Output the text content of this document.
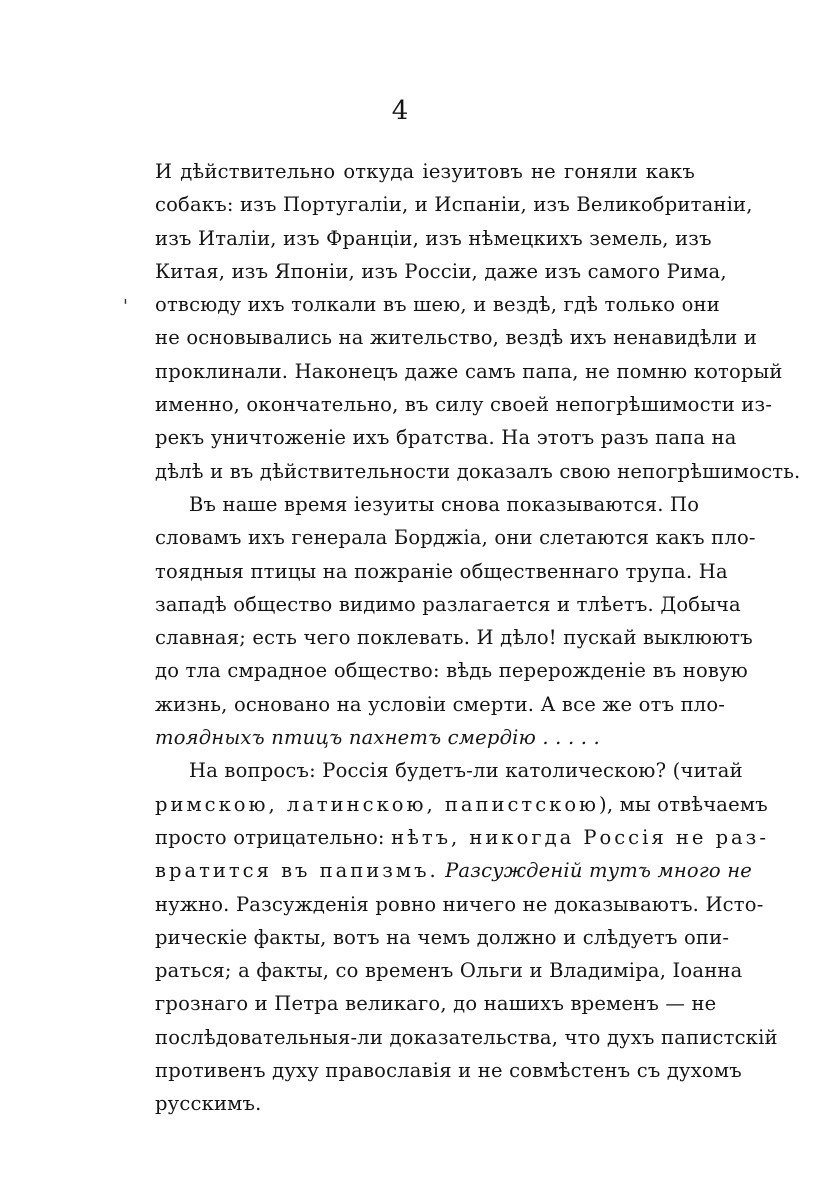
4
'
И дѣйствительно откуда іезуитовъ не гоняли какъ
собакъ: изъ Португаліи, и Испаніи, изъ Великобританіи,
изъ Италіи, изъ Франціи, изъ нѣмецкихъ земель, изъ
Китая, изъ Японіи, изъ Россіи, даже изъ самого Рима,
отвсюду ихъ толкали въ шею, и вездѣ, гдѣ только они
не основывались на жительство, вездѣ ихъ ненавидѣли и
проклинали. Наконецъ даже самъ папа, не помню который
именно, окончательно, въ силу своей непогрѣшимости из-
рекъ уничтоженіе ихъ братства. На этотъ разъ папа на
дѣлѣ и въ дѣйствительности доказалъ свою непогрѣшимость.
Въ наше время іезуиты снова показываются. По
словамъ ихъ генерала Борджіа, они слетаются какъ пло-
тоядныя птицы на пожраніе общественнаго трупа. На
западѣ общество видимо разлагается и тлѣетъ. Добыча
славная; есть чего поклевать. И дѣло! пускай выклюютъ
до тла смрадное общество: вѣдь перерожденіе въ новую
жизнь, основано на условіи смерти. А все же отъ пло-
тоядныхъ птицъ пахнетъ смердію . . . . .
На вопросъ: Россія будетъ-ли католическою? (читай
римскою, латинскою, папистскою), мы отвѣчаемъ
просто отрицательно: нѣтъ, никогда Россія не раз-
вратится въ папизмъ. Разсужденій тутъ много не
нужно. Разсужденія ровно ничего не доказываютъ. Исто-
рическіе факты, вотъ на чемъ должно и слѣдуетъ опи-
раться; а факты, со временъ Ольги и Владиміра, Іоанна
грознаго и Петра великаго, до нашихъ временъ — не
послѣдовательныя-ли доказательства, что духъ папистскій
противенъ духу православія и не совмѣстенъ съ духомъ
русскимъ.
